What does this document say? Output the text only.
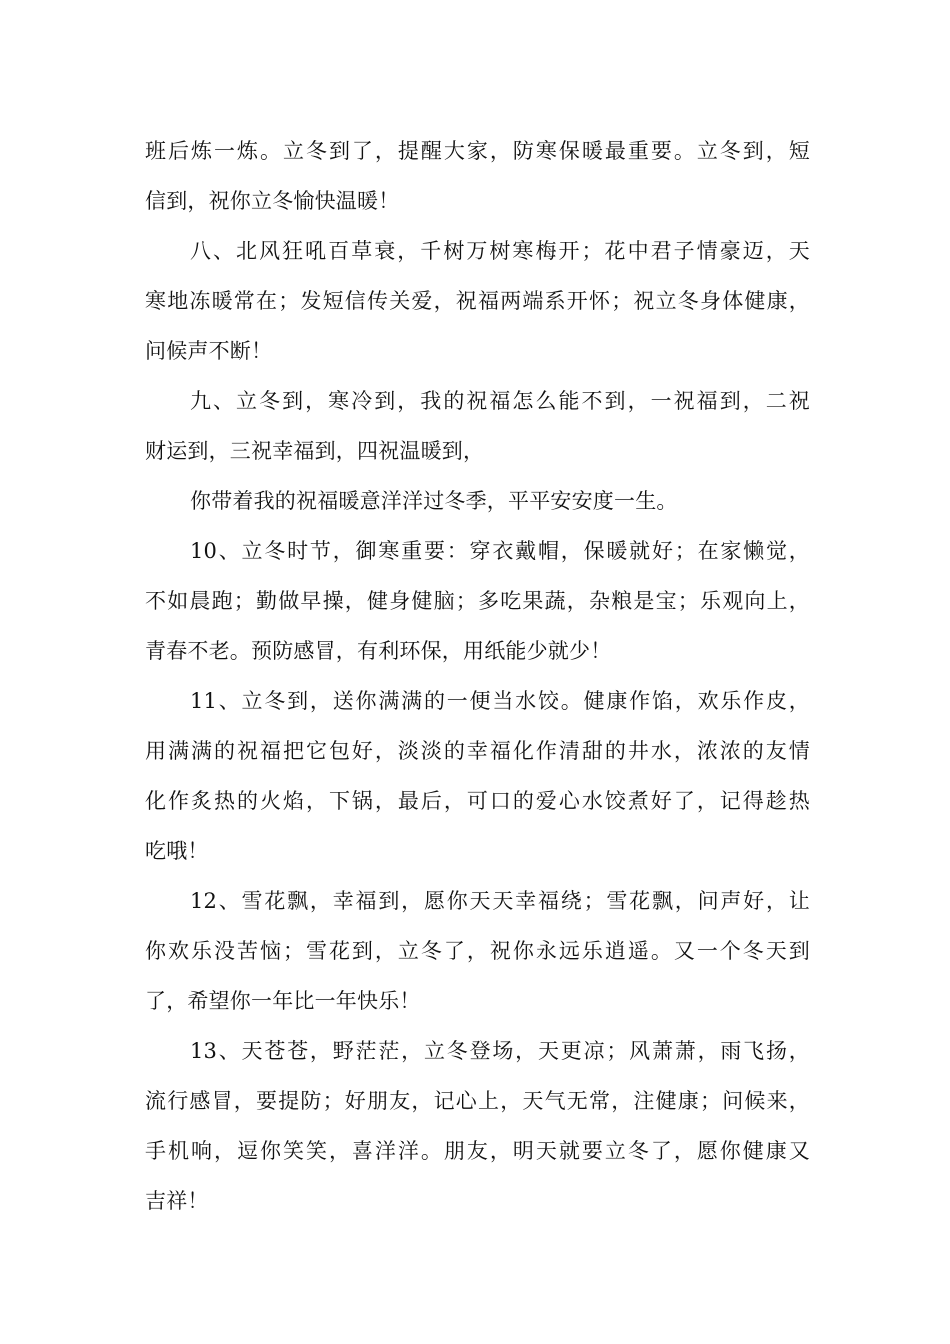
班后炼一炼。立冬到了，提醒大家，防寒保暖最重要。立冬到，短
信到，祝你立冬愉快温暖！
八、北风狂吼百草衰，千树万树寒梅开；花中君子情豪迈，天
寒地冻暖常在；发短信传关爱，祝福两端系开怀；祝立冬身体健康，
问候声不断！
九、立冬到，寒冷到，我的祝福怎么能不到，一祝福到，二祝
财运到，三祝幸福到，四祝温暖到，
你带着我的祝福暖意洋洋过冬季，平平安安度一生。
10、立冬时节，御寒重要：穿衣戴帽，保暖就好；在家懒觉，
不如晨跑；勤做早操，健身健脑；多吃果蔬，杂粮是宝；乐观向上，
青春不老。预防感冒，有利环保，用纸能少就少！
11、立冬到，送你满满的一便当水饺。健康作馅，欢乐作皮，
用满满的祝福把它包好，淡淡的幸福化作清甜的井水，浓浓的友情
化作炙热的火焰，下锅，最后，可口的爱心水饺煮好了，记得趁热
吃哦！
12、雪花飘，幸福到，愿你天天幸福绕；雪花飘，问声好，让
你欢乐没苦恼；雪花到，立冬了，祝你永远乐逍遥。又一个冬天到
了，希望你一年比一年快乐！
13、天苍苍，野茫茫，立冬登场，天更凉；风萧萧，雨飞扬，
流行感冒，要提防；好朋友，记心上，天气无常，注健康；问候来，
手机响，逗你笑笑，喜洋洋。朋友，明天就要立冬了，愿你健康又
吉祥！
